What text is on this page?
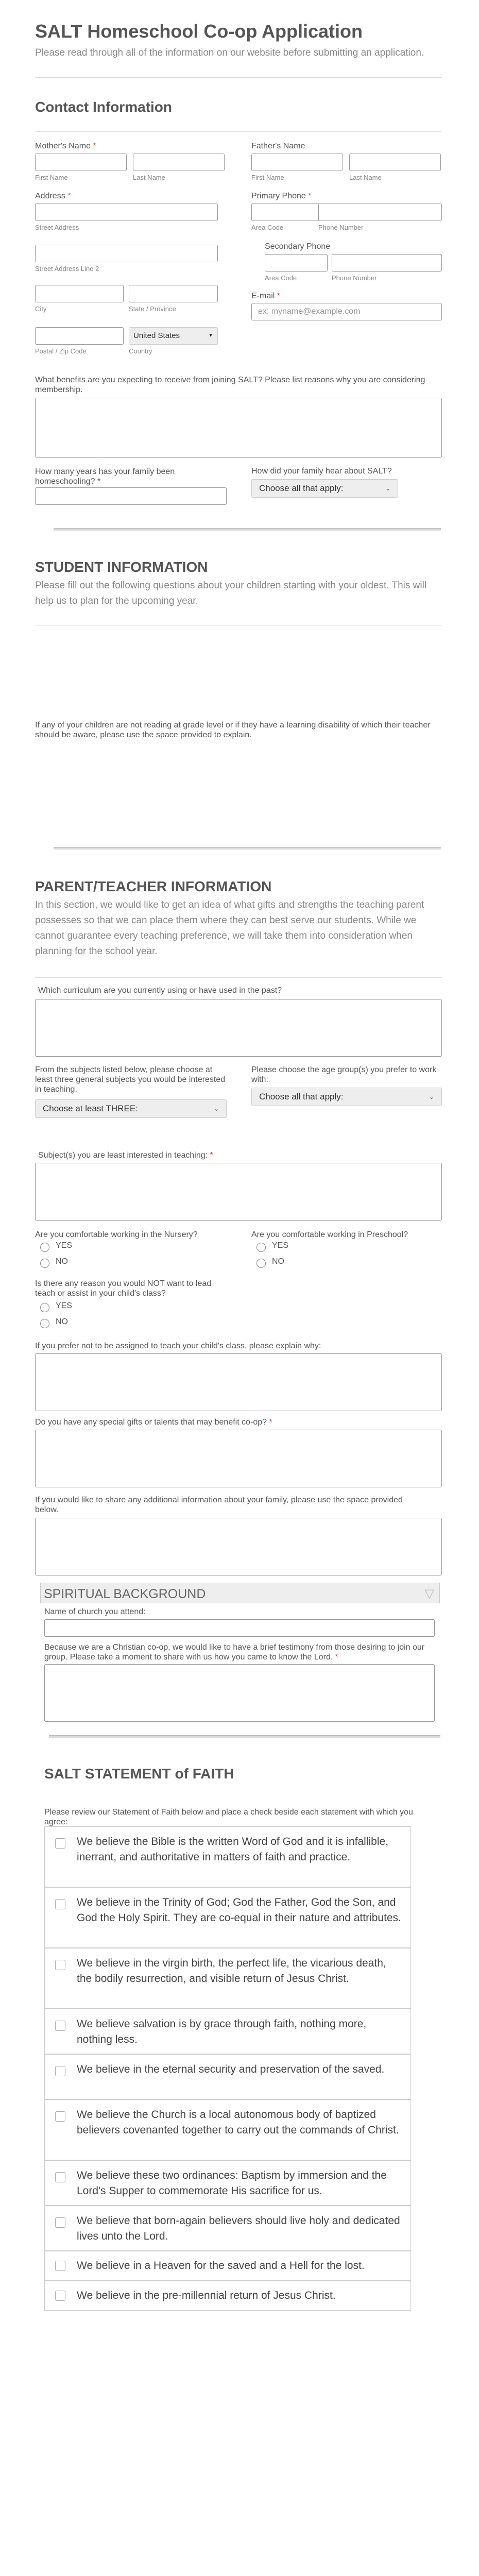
SALT Homeschool Co-op Application
Please read through all of the information on our website before submitting an application.
Contact Information
Mother's Name *
First Name	Last Name
Father's Name
First Name	Last Name
Address *
Street Address
Street Address Line 2
City	State / Province
United States	▼
Postal / Zip Code	Country
Primary Phone *
Area Code	Phone Number
Secondary Phone
Area Code	Phone Number
E-mail *
ex: myname@example.com
What benefits are you expecting to receive from joining SALT? Please list reasons why you are considering membership.
How many years has your family been homeschooling? *
How did your family hear about SALT?
Choose all that apply:	⌄
STUDENT INFORMATION
Please fill out the following questions about your children starting with your oldest. This will help us to plan for the upcoming year.
If any of your children are not reading at grade level or if they have a learning disability of which their teacher should be aware, please use the space provided to explain.
PARENT/TEACHER INFORMATION
In this section, we would like to get an idea of what gifts and strengths the teaching parent possesses so that we can place them where they can best serve our students. While we cannot guarantee every teaching preference, we will take them into consideration when planning for the school year.
Which curriculum are you currently using or have used in the past?
From the subjects listed below, please choose at least three general subjects you would be interested in teaching.
Choose at least THREE:	⌄
Please choose the age group(s) you prefer to work with:
Choose all that apply:	⌄
Subject(s) you are least interested in teaching: *
Are you comfortable working in the Nursery?
YES
NO
Are you comfortable working in Preschool?
YES
NO
Is there any reason you would NOT want to lead teach or assist in your child's class?
YES
NO
If you prefer not to be assigned to teach your child's class, please explain why:
Do you have any special gifts or talents that may benefit co-op? *
If you would like to share any additional information about your family, please use the space provided below.
SPIRITUAL BACKGROUND	▽
Name of church you attend:
Because we are a Christian co-op, we would like to have a brief testimony from those desiring to join our group. Please take a moment to share with us how you came to know the Lord. *
SALT STATEMENT of FAITH
Please review our Statement of Faith below and place a check beside each statement with which you agree:
We believe the Bible is the written Word of God and it is infallible, inerrant, and authoritative in matters of faith and practice.
We believe in the Trinity of God; God the Father, God the Son, and God the Holy Spirit. They are co-equal in their nature and attributes.
We believe in the virgin birth, the perfect life, the vicarious death, the bodily resurrection, and visible return of Jesus Christ.
We believe salvation is by grace through faith, nothing more, nothing less.
We believe in the eternal security and preservation of the saved.
We believe the Church is a local autonomous body of baptized believers covenanted together to carry out the commands of Christ.
We believe these two ordinances: Baptism by immersion and the Lord's Supper to commemorate His sacrifice for us.
We believe that born-again believers should live holy and dedicated lives unto the Lord.
We believe in a Heaven for the saved and a Hell for the lost.
We believe in the pre-millennial return of Jesus Christ.
